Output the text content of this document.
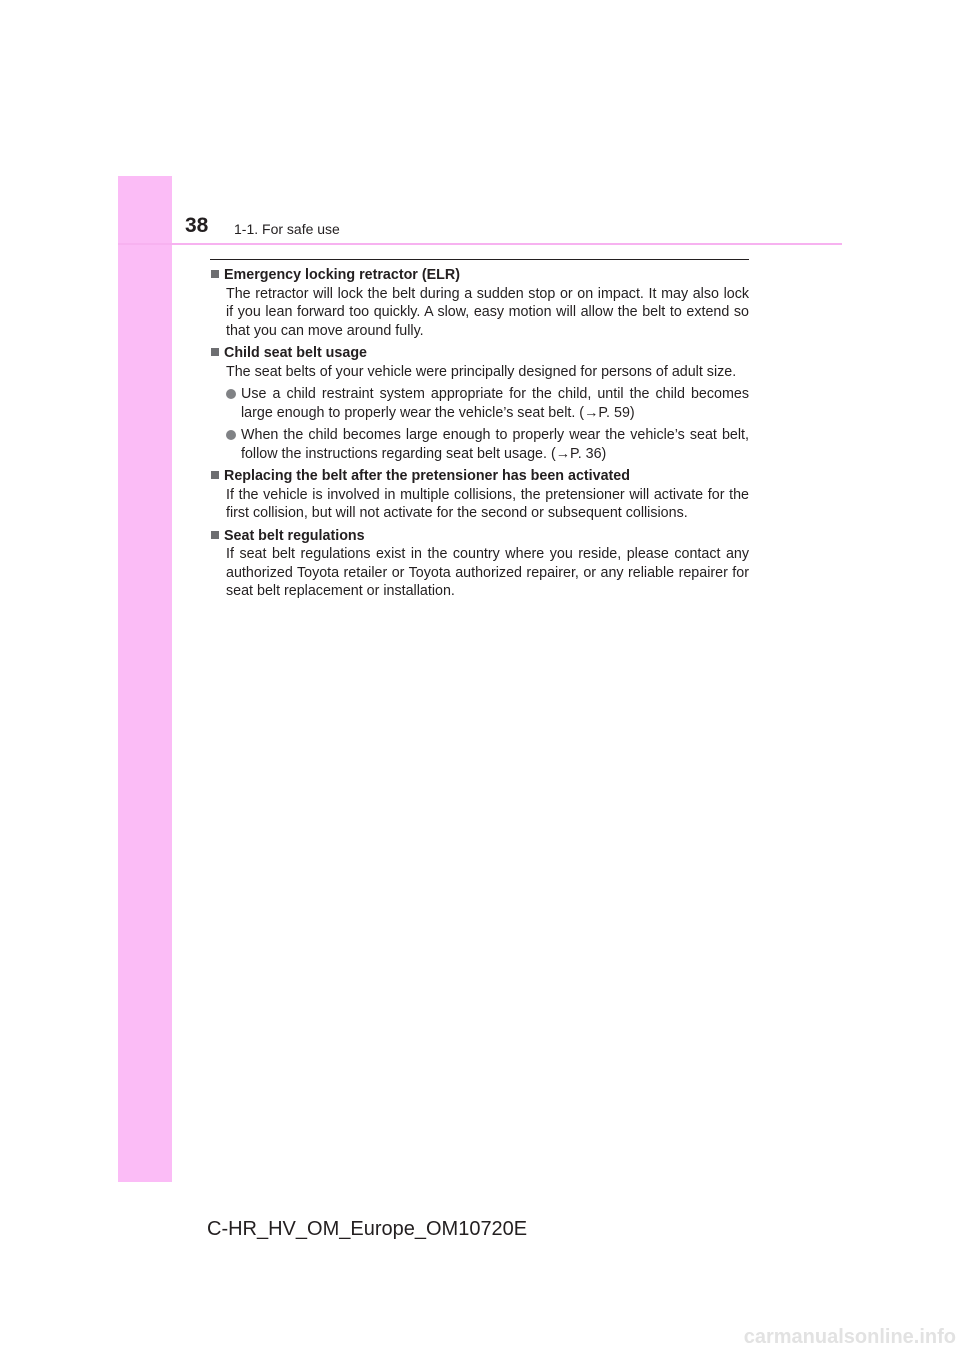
38 1-1. For safe use
Emergency locking retractor (ELR)
The retractor will lock the belt during a sudden stop or on impact. It may also lock if you lean forward too quickly. A slow, easy motion will allow the belt to extend so that you can move around fully.
Child seat belt usage
The seat belts of your vehicle were principally designed for persons of adult size.
Use a child restraint system appropriate for the child, until the child becomes large enough to properly wear the vehicle’s seat belt. (→P. 59)
When the child becomes large enough to properly wear the vehicle’s seat belt, follow the instructions regarding seat belt usage. (→P. 36)
Replacing the belt after the pretensioner has been activated
If the vehicle is involved in multiple collisions, the pretensioner will activate for the first collision, but will not activate for the second or subsequent collisions.
Seat belt regulations
If seat belt regulations exist in the country where you reside, please contact any authorized Toyota retailer or Toyota authorized repairer, or any reliable repairer for seat belt replacement or installation.
C-HR_HV_OM_Europe_OM10720E
carmanualsonline.info
